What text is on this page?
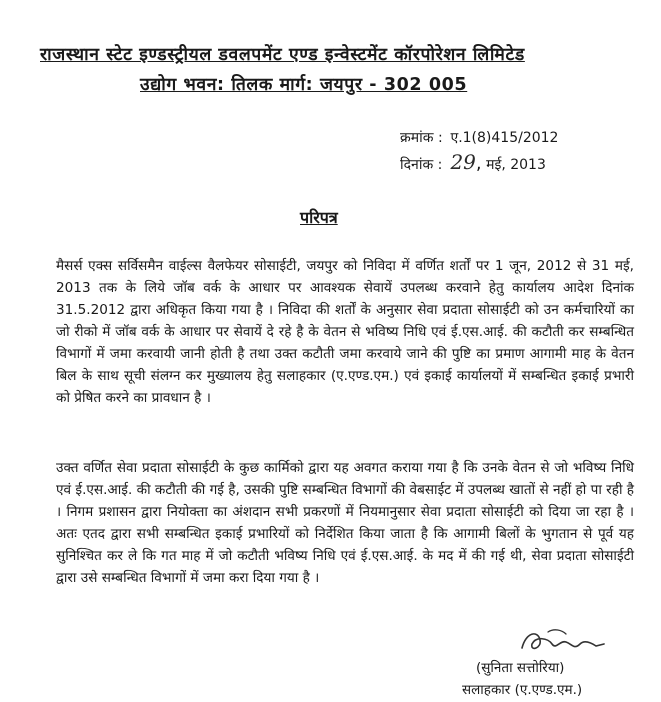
राजस्थान स्टेट इण्डस्ट्रीयल डवलपमेंट एण्ड इन्वेस्टमेंट कॉरपोरेशन लिमिटेड
उद्योग भवन: तिलक मार्ग: जयपुर - 302 005
क्रमांक : ए.1(8)415/2012
दिनांक : 29, मई, 2013
परिपत्र
मैसर्स एक्स सर्विसमैन वाईल्स वैलफेयर सोसाईटी, जयपुर को निविदा में वर्णित शर्तों पर 1 जून, 2012 से 31 मई, 2013 तक के लिये जॉब वर्क के आधार पर आवश्यक सेवायें उपलब्ध करवाने हेतु कार्यालय आदेश दिनांक 31.5.2012 द्वारा अधिकृत किया गया है । निविदा की शर्तों के अनुसार सेवा प्रदाता सोसाईटी को उन कर्मचारियों का जो रीको में जॉब वर्क के आधार पर सेवायें दे रहे है के वेतन से भविष्य निधि एवं ई.एस.आई. की कटौती कर सम्बन्धित विभागों में जमा करवायी जानी होती है तथा उक्त कटौती जमा करवाये जाने की पुष्टि का प्रमाण आगामी माह के वेतन बिल के साथ सूची संलग्न कर मुख्यालय हेतु सलाहकार (ए.एण्ड.एम.) एवं इकाई कार्यालयों में सम्बन्धित इकाई प्रभारी को प्रेषित करने का प्रावधान है ।
उक्त वर्णित सेवा प्रदाता सोसाईटी के कुछ कार्मिको द्वारा यह अवगत कराया गया है कि उनके वेतन से जो भविष्य निधि एवं ई.एस.आई. की कटौती की गई है, उसकी पुष्टि सम्बन्धित विभागों की वेबसाईट में उपलब्ध खातों से नहीं हो पा रही है । निगम प्रशासन द्वारा नियोक्ता का अंशदान सभी प्रकरणों में नियमानुसार सेवा प्रदाता सोसाईटी को दिया जा रहा है । अतः एतद द्वारा सभी सम्बन्धित इकाई प्रभारियों को निर्देशित किया जाता है कि आगामी बिलों के भुगतान से पूर्व यह सुनिश्चित कर ले कि गत माह में जो कटौती भविष्य निधि एवं ई.एस.आई. के मद में की गई थी, सेवा प्रदाता सोसाईटी द्वारा उसे सम्बन्धित विभागों में जमा करा दिया गया है ।
(सुनिता सत्तोरिया)
सलाहकार (ए.एण्ड.एम.)
